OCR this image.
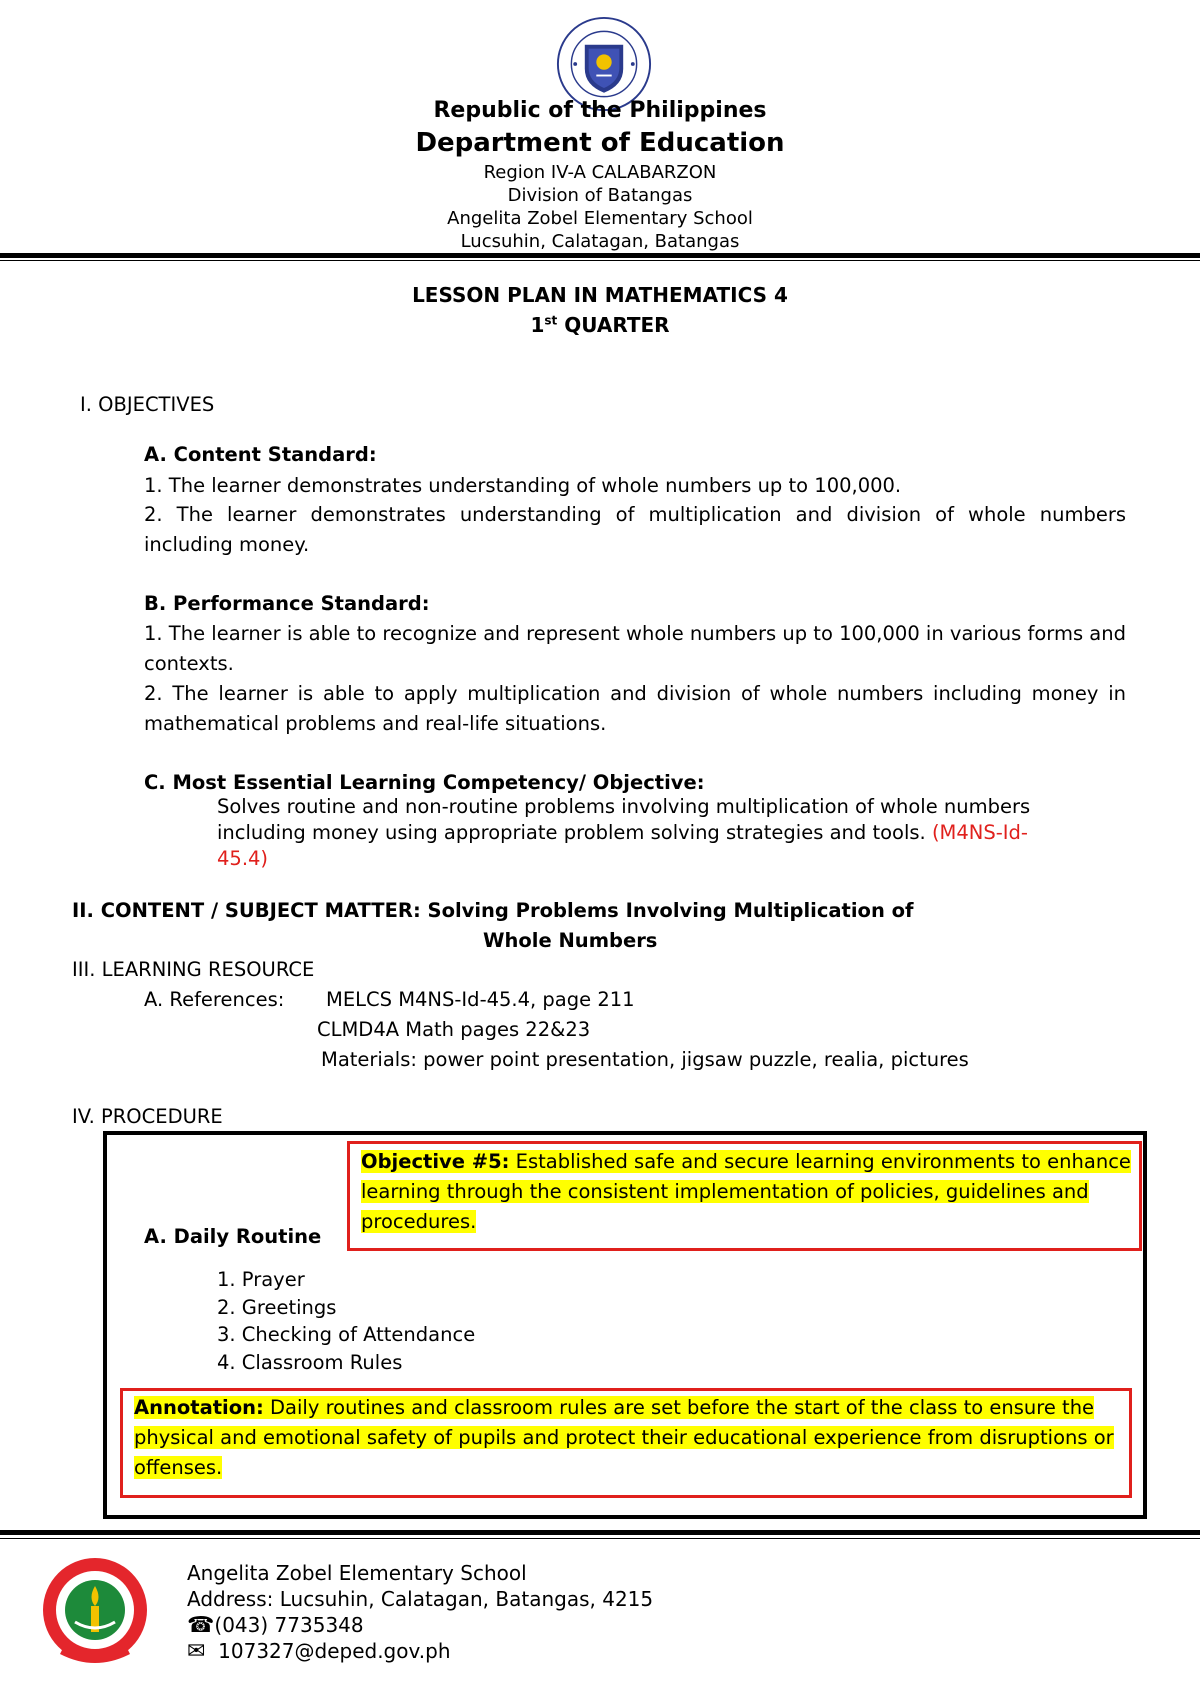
Republic of the Philippines
Department of Education
Region IV-A CALABARZON
Division of Batangas
Angelita Zobel Elementary School
Lucsuhin, Calatagan, Batangas
LESSON PLAN IN MATHEMATICS 4
1st QUARTER
I. OBJECTIVES
A. Content Standard:
1. The learner demonstrates understanding of whole numbers up to 100,000.
2. The learner demonstrates understanding of multiplication and division of whole numbers including money.
B. Performance Standard:
1. The learner is able to recognize and represent whole numbers up to 100,000 in various forms and contexts.
2. The learner is able to apply multiplication and division of whole numbers including money in mathematical problems and real-life situations.
C. Most Essential Learning Competency/ Objective:
Solves routine and non-routine problems involving multiplication of whole numbers including money using appropriate problem solving strategies and tools. (M4NS-Id-45.4)
II. CONTENT / SUBJECT MATTER: Solving Problems Involving Multiplication of
Whole Numbers
III. LEARNING RESOURCE
A. References: MELCS M4NS-Id-45.4, page 211
CLMD4A Math pages 22&23
Materials: power point presentation, jigsaw puzzle, realia, pictures
IV. PROCEDURE
Objective #5: Established safe and secure learning environments to enhance learning through the consistent implementation of policies, guidelines and procedures.
A. Daily Routine
1. Prayer
2. Greetings
3. Checking of Attendance
4. Classroom Rules
Annotation: Daily routines and classroom rules are set before the start of the class to ensure the physical and emotional safety of pupils and protect their educational experience from disruptions or offenses.
Angelita Zobel Elementary School
Address: Lucsuhin, Calatagan, Batangas, 4215
☎(043) 7735348
✉ 107327@deped.gov.ph
